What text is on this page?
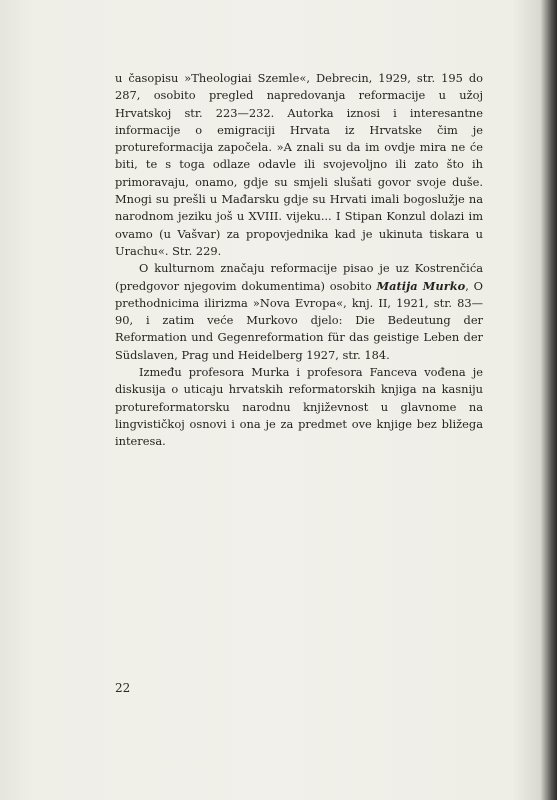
u časopisu »Theologiai Szemle«, Debrecin, 1929, str. 195 do 287, osobito pregled napredovanja reformacije u užoj Hrvatskoj str. 223—232. Autorka iznosi i interesantne informacije o emigraciji Hrvata iz Hrvatske čim je protureformacija započela. »A znali su da im ovdje mira ne će biti, te s toga odlaze odavle ili svojevoljno ili zato što ih primoravaju, onamo, gdje su smjeli slušati govor svoje duše. Mnogi su prešli u Mađarsku gdje su Hrvati imali bogoslužje na narodnom jeziku još u XVIII. vijeku... I Stipan Konzul dolazi im ovamo (u Vašvar) za propovjednika kad je ukinuta tiskara u Urachu«. Str. 229.

O kulturnom značaju reformacije pisao je uz Kostrenčića (predgovor njegovim dokumentima) osobito Matija Murko, O prethodnicima ilirizma »Nova Evropa«, knj. II, 1921, str. 83—90, i zatim veće Murkovo djelo: Die Bedeutung der Reformation und Gegenreformation für das geistige Leben der Südslaven, Prag und Heidelberg 1927, str. 184.

Između profesora Murka i profesora Fanceva vođena je diskusija o uticaju hrvatskih reformatorskih knjiga na kasniju protureformatorsku narodnu književnost u glavnome na lingvističkoj osnovi i ona je za predmet ove knjige bez bližega interesa.

22
